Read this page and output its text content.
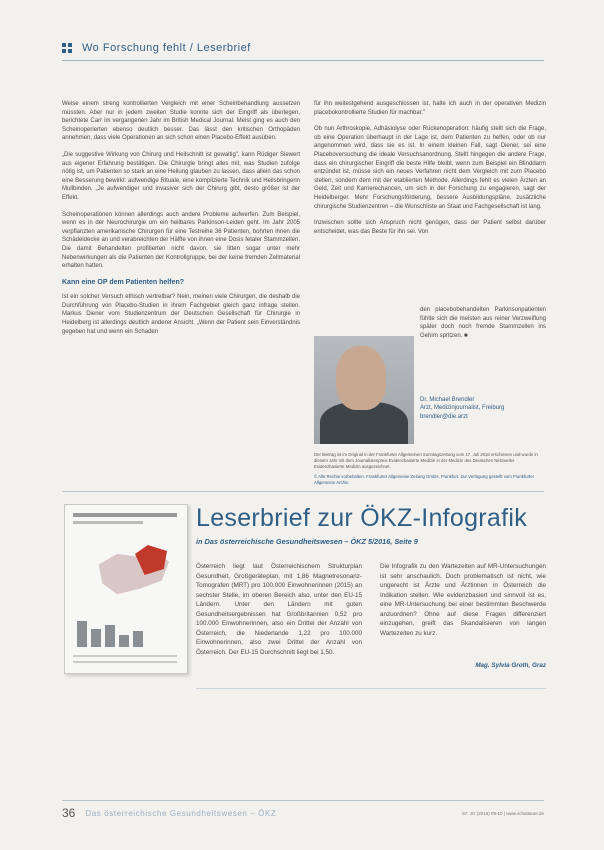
Wo Forschung fehlt / Leserbrief

Weise einem streng kontrollierten Vergleich mit einer Scheinbehandlung aussetzen müssten. Aber nur in jedem zweiten Studie konnte sich der Eingriff als überlegen, berichtete Carr im vergangenen Jahr im British Medical Journal. Meist ging es auch den Scheinoperierten ebenso deutlich besser. Das lässt den kritischen Orthopäden annehmen, dass viele Operationen an sich schon einen Placebo-Effekt ausüben.

„Die suggestive Wirkung von Chirurg und Heilschnitt ist gewaltig", kann Rüdiger Siewert aus eigener Erfahrung bestätigen. Die Chirurgie bringt alles mit, was Studien zufolge nötig ist, um Patienten so stark an eine Heilung glauben zu lassen, dass allein das schon eine Besserung bewirkt: aufwendige Rituale, eine komplizierte Technik und Heilsbringerin Mullbinden. „Je aufwendiger und invasiver sich der Chirurg gibt, desto größer ist der Effekt.

Scheinoperationen können allerdings auch andere Probleme aufwerfen. Zum Beispiel, wenn es in der Neurochirurgie um ein heilbares Parkinson-Leiden geht. Im Jahr 2005 verpflanzten amerikanische Chirurgen für eine Testreihe 36 Patienten, bohrten ihnen die Schädeldecke an und verabreichten der Hälfte von ihnen eine Dosis fetaler Stammzellen. Die damit Behandelten profitierten nicht davon, sie litten sogar unter mehr Nebenwirkungen als die Patienten der Kontrollgruppe, bei der keine fremden Zellmaterial erhalten hatten.

Kann eine OP dem Patienten helfen?

Ist ein solcher Versuch ethisch vertretbar? Nein, meinen viele Chirurgen, die deshalb die Durchführung von Placebo-Studien in ihrem Fachgebiet gleich ganz infrage stellen. Markus Diener vom Studienzentrum der Deutschen Gesellschaft für Chirurgie in Heidelberg ist allerdings deutlich anderer Ansicht. „Wenn der Patient sein Einverständnis gegeben hat und wenn ein Schaden

für ihn weitestgehend ausgeschlossen ist, halte ich auch in der operativen Medizin placebokontrollierte Studien für machbar."

Ob nun Arthroskopie, Adhäsiolyse oder Rückenoperation: häufig stellt sich die Frage, ob eine Operation überhaupt in der Lage ist, dem Patienten zu helfen, oder ob nur angenommen wird, dass sie es ist. In einem kleinen Fall, sagt Diener, sei eine Placeboversuchung die ideale Versuchsanordnung. Stellt hingegen die andere Frage, dass ein chirurgischer Eingriff die beste Hilfe bleibt, wenn zum Beispiel ein Blinddarm entzündet ist, müsse sich ein neues Verfahren nicht dem Vergleich mit zum Placebo stellen, sondern dem mit der etablierten Methode. Allerdings fehlt es vielen Ärzten an Geld, Zeit und Karrierechancen, um sich in der Forschung zu engagieren, sagt der Heidelberger. Mehr Forschungsförderung, bessere Ausbildungspläne, zusätzliche chirurgische Studienzentren – die Wunschliste an Staat und Fachgesellschaft ist lang.

Inzwischen sollte sich Anspruch nicht genügen, dass der Patient selbst darüber entscheidet, was das Beste für ihn sei. Von

den placebobehandelten Parkinsonpatienten fühlte sich die meisten aus reiner Verzweiflung später doch noch fremde Stammzellen ins Gehirn spritzen. ■
Dr. Michael Brendler
Arzt, Medizinjournalist, Freiburg
brendler@die.arzt
Der Beitrag ist im Original in der Frankfurter Allgemeinen Sonntagszeitung vom 17. Juli 2016 erschienen und wurde in diesem Jahr mit dem Journalistenpreis Evidenzbasierte Medizin in der Medizin des Deutschen Netzwerks Evidenzbasierte Medizin ausgezeichnet.
© Alle Rechte vorbehalten. Frankfurter Allgemeine Zeitung GmbH, Frankfurt. Zur Verfügung gestellt vom Frankfurter Allgemeine Archiv.
Leserbrief zur ÖKZ-Infografik
in Das österreichische Gesundheitswesen – ÖKZ 5/2016, Seite 9
Österreich liegt laut Österreichischem Strukturplan Gesundheit, Großgeräteplan, mit 1,86 Magnetresonanz-Tomografen (MRT) pro 100.000 Einwohnerinnen (2015) an sechster Stelle, im oberen Bereich also, unter den EU-15 Ländern. Unter den Ländern mit guten Gesundheitsergebnissen hat Großbritannien 0,52 pro 100.000 Einwohnerinnen, also ein Drittel der Anzahl von Österreich, die Niederlande 1,22 pro 100.000 Einwohnerinnen, also zwei Drittel der Anzahl von Österreich. Der EU-15 Durchschnitt liegt bei 1,50.
Die Infografik zu den Wartezeiten auf MR-Untersuchungen ist sehr anschaulich. Doch problematisch ist nicht, wie ungerecht ist Ärzte und Ärztinnen in Österreich die Indikation stellen. Wie evidenzbasiert und sinnvoll ist es, eine MR-Untersuchung bei einer bestimmten Beschwerde anzuordnen? Ohne auf diese Fragen differenziert einzugehen, greift das Skandalisieren von langen Wartezeiten zu kurz.
Mag. Sylvia Groth, Graz
36 Das österreichische Gesundheitswesen – ÖKZ	57. JG (2016) 09-10 | www.schattauer.de
